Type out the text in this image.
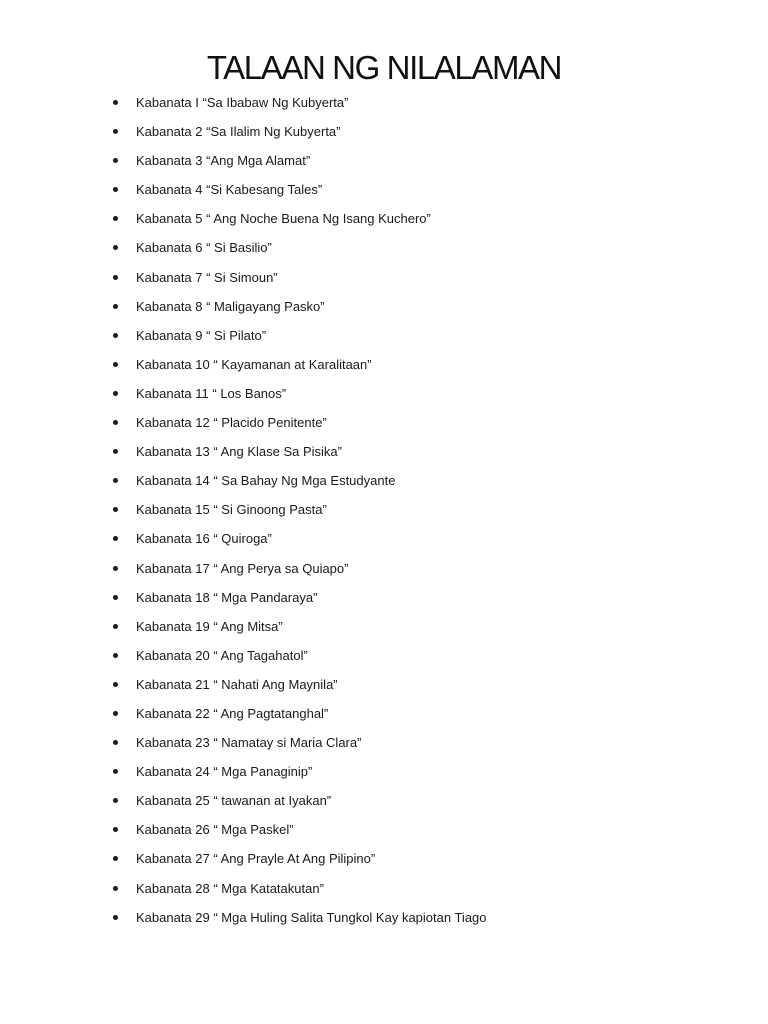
TALAAN NG NILALAMAN
Kabanata I “Sa Ibabaw Ng Kubyerta”
Kabanata 2 “Sa Ilalim Ng Kubyerta”
Kabanata 3 “Ang Mga Alamat”
Kabanata 4 “Si Kabesang Tales”
Kabanata 5 “ Ang Noche Buena Ng Isang Kuchero”
Kabanata 6 “ Si Basilio”
Kabanata 7 “ Si Simoun”
Kabanata 8 “ Maligayang Pasko”
Kabanata 9 “ Si Pilato”
Kabanata 10 “ Kayamanan at Karalitaan”
Kabanata 11 “ Los Banos”
Kabanata 12 “ Placido Penitente”
Kabanata 13 “ Ang Klase Sa Pisika”
Kabanata 14 “ Sa Bahay Ng Mga Estudyante
Kabanata 15 “ Si Ginoong Pasta”
Kabanata 16 “ Quiroga”
Kabanata 17 “ Ang Perya sa Quiapo”
Kabanata 18 “ Mga Pandaraya”
Kabanata 19 “ Ang Mitsa”
Kabanata 20 “ Ang Tagahatol”
Kabanata 21 “ Nahati Ang Maynila”
Kabanata 22 “ Ang Pagtatanghal”
Kabanata 23 “ Namatay si Maria Clara”
Kabanata 24 “ Mga Panaginip”
Kabanata 25 “ tawanan at Iyakan”
Kabanata 26 “ Mga Paskel”
Kabanata 27 “ Ang Prayle At Ang Pilipino”
Kabanata 28 “ Mga Katatakutan”
Kabanata 29 “ Mga Huling Salita Tungkol Kay kapiotan Tiago
